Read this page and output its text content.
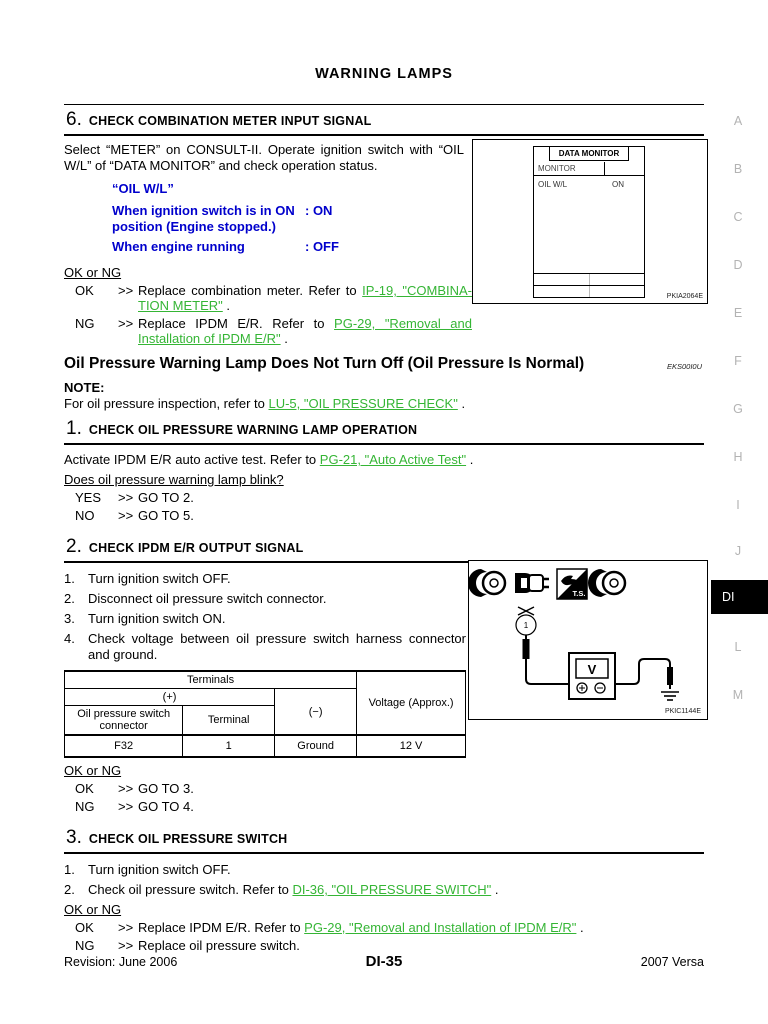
WARNING LAMPS
6. CHECK COMBINATION METER INPUT SIGNAL

Select “METER” on CONSULT-II. Operate ignition switch with “OIL W/L” of “DATA MONITOR” and check operation status.

“OIL W/L”
When ignition switch is in ON
position (Engine stopped.)
: ON
When engine running	: OFF
OK or NG
OK	>> Replace combination meter. Refer to IP-19, "COMBINA-TION METER" .
NG	>> Replace IPDM E/R. Refer to PG-29, "Removal and Installation of IPDM E/R" .
Oil Pressure Warning Lamp Does Not Turn Off (Oil Pressure Is Normal)	EKS00I0U
NOTE:
For oil pressure inspection, refer to LU-5, "OIL PRESSURE CHECK" .
1. CHECK OIL PRESSURE WARNING LAMP OPERATION
Activate IPDM E/R auto active test. Refer to PG-21, "Auto Active Test" .
Does oil pressure warning lamp blink?
YES	>> GO TO 2.
NO	>> GO TO 5.
2. CHECK IPDM E/R OUTPUT SIGNAL
1.	Turn ignition switch OFF.
2.	Disconnect oil pressure switch connector.
3.	Turn ignition switch ON.
4.	Check voltage between oil pressure switch harness connector and ground.
Terminals			Voltage (Approx.)
(+)		(−)	
Oil pressure switch connector	Terminal		
F32	1	Ground	12 V
OK or NG
OK	>> GO TO 3.
NG	>> GO TO 4.
3. CHECK OIL PRESSURE SWITCH
1.	Turn ignition switch OFF.
2.	Check oil pressure switch. Refer to DI-36, "OIL PRESSURE SWITCH" .
OK or NG
OK	>> Replace IPDM E/R. Refer to PG-29, "Removal and Installation of IPDM E/R" .
NG	>> Replace oil pressure switch.
DATA MONITOR
MONITOR
OIL W/L	ON
PKIA2064E
T.S.
1
V
PKIC1144E
A
B
C
D
E
F
G
H
I
J
DI
L
M
Revision: June 2006	DI-35	2007 Versa
